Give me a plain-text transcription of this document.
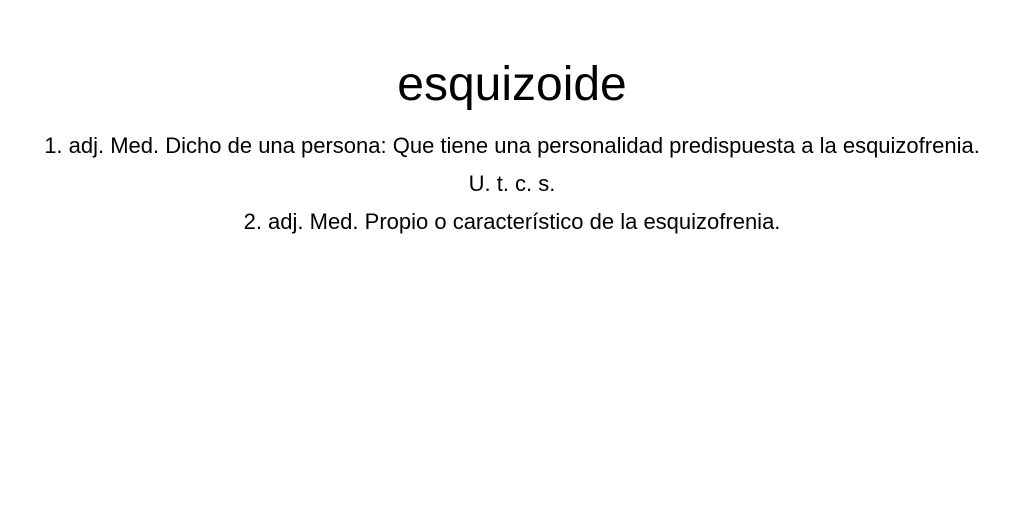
esquizoide

1. adj. Med. Dicho de una persona: Que tiene una personalidad predispuesta a la esquizofrenia. U. t. c. s.

2. adj. Med. Propio o característico de la esquizofrenia.
